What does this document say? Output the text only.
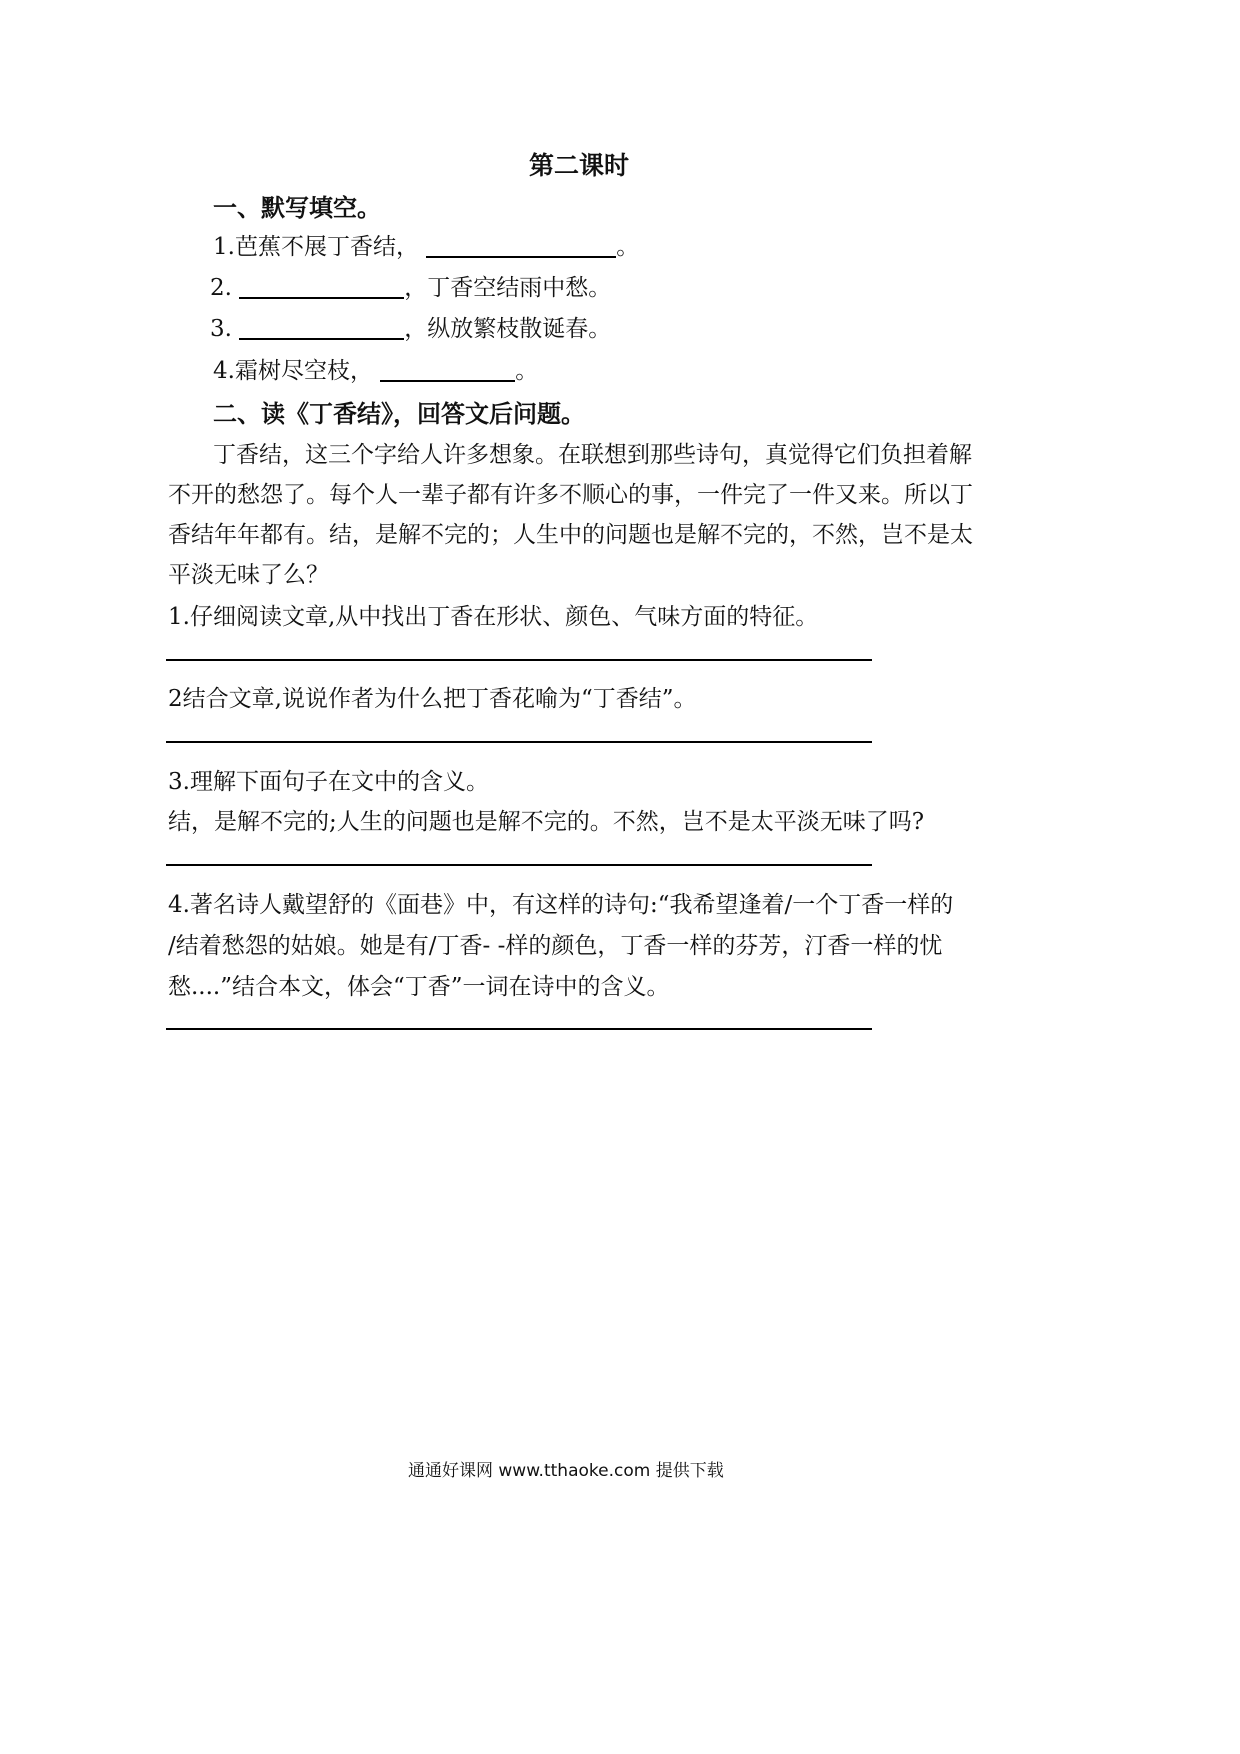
第二课时
一、默写填空。
1.芭蕉不展丁香结，	。
2.	，丁香空结雨中愁。
3.	，纵放繁枝散诞春。
4.霜树尽空枝，	。
二、读《丁香结》，回答文后问题。
丁香结，这三个字给人许多想象。在联想到那些诗句，真觉得它们负担着解
不开的愁怨了。每个人一辈子都有许多不顺心的事，一件完了一件又来。所以丁
香结年年都有。结，是解不完的；人生中的问题也是解不完的，不然，岂不是太
平淡无味了么？
1.仔细阅读文章,从中找出丁香在形状、颜色、气味方面的特征。
2结合文章,说说作者为什么把丁香花喻为“丁香结”。
3.理解下面句子在文中的含义。
结，是解不完的;人生的问题也是解不完的。不然，岂不是太平淡无味了吗?
4.著名诗人戴望舒的《面巷》中，有这样的诗句:“我希望逢着/一个丁香一样的
/结着愁怨的姑娘。她是有/丁香- -样的颜色，丁香一样的芬芳，汀香一样的忧
愁....”结合本文，体会“丁香”一词在诗中的含义。
通通好课网 www.tthaoke.com 提供下载
